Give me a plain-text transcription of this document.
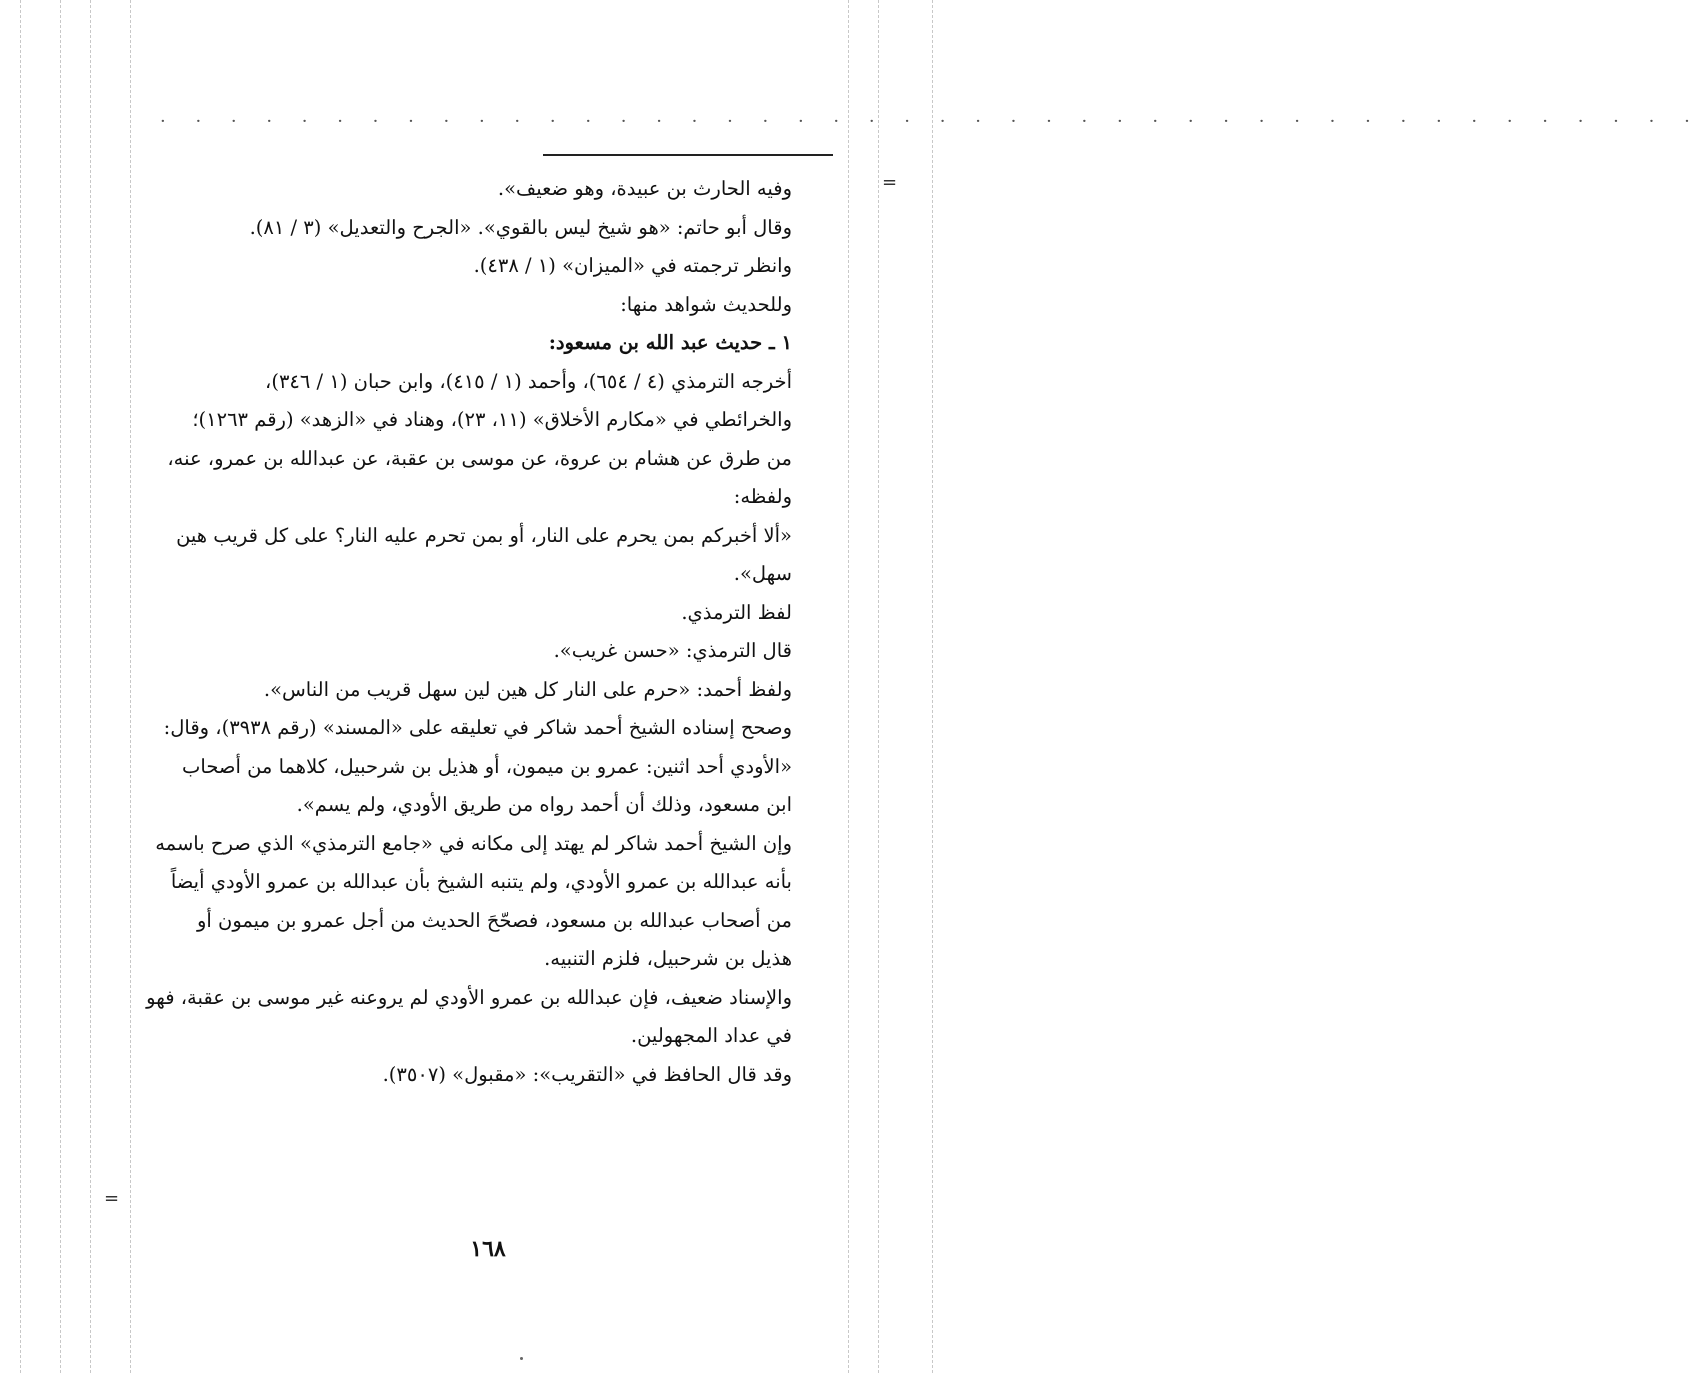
· · · · · · · · · · · · · · · · · · · · · · · · · · · · · · · · · · · · · · · · · · · ·
=
=
وفيه الحارث بن عبيدة، وهو ضعيف».
وقال أبو حاتم: «هو شيخ ليس بالقوي». «الجرح والتعديل» (٣ / ٨١).
وانظر ترجمته في «الميزان» (١ / ٤٣٨).
وللحديث شواهد منها:
١ ـ حديث عبد الله بن مسعود:
أخرجه الترمذي (٤ / ٦٥٤)، وأحمد (١ / ٤١٥)، وابن حبان (١ / ٣٤٦)،
والخرائطي في «مكارم الأخلاق» (١١، ٢٣)، وهناد في «الزهد» (رقم ١٢٦٣)؛
من طرق عن هشام بن عروة، عن موسى بن عقبة، عن عبدالله بن عمرو، عنه،
ولفظه:
«ألا أخبركم بمن يحرم على النار، أو بمن تحرم عليه النار؟ على كل قريب هين
سهل».
لفظ الترمذي.
قال الترمذي: «حسن غريب».
ولفظ أحمد: «حرم على النار كل هين لين سهل قريب من الناس».
وصحح إسناده الشيخ أحمد شاكر في تعليقه على «المسند» (رقم ٣٩٣٨)، وقال:
«الأودي أحد اثنين: عمرو بن ميمون، أو هذيل بن شرحبيل، كلاهما من أصحاب
ابن مسعود، وذلك أن أحمد رواه من طريق الأودي، ولم يسم».
وإن الشيخ أحمد شاكر لم يهتد إلى مكانه في «جامع الترمذي» الذي صرح باسمه
بأنه عبدالله بن عمرو الأودي، ولم يتنبه الشيخ بأن عبدالله بن عمرو الأودي أيضاً
من أصحاب عبدالله بن مسعود، فصحّحَ الحديث من أجل عمرو بن ميمون أو
هذيل بن شرحبيل، فلزم التنبيه.
والإسناد ضعيف، فإن عبدالله بن عمرو الأودي لم يروعنه غير موسى بن عقبة، فهو
في عداد المجهولين.
وقد قال الحافظ في «التقريب»: «مقبول» (٣٥٠٧).
١٦٨
